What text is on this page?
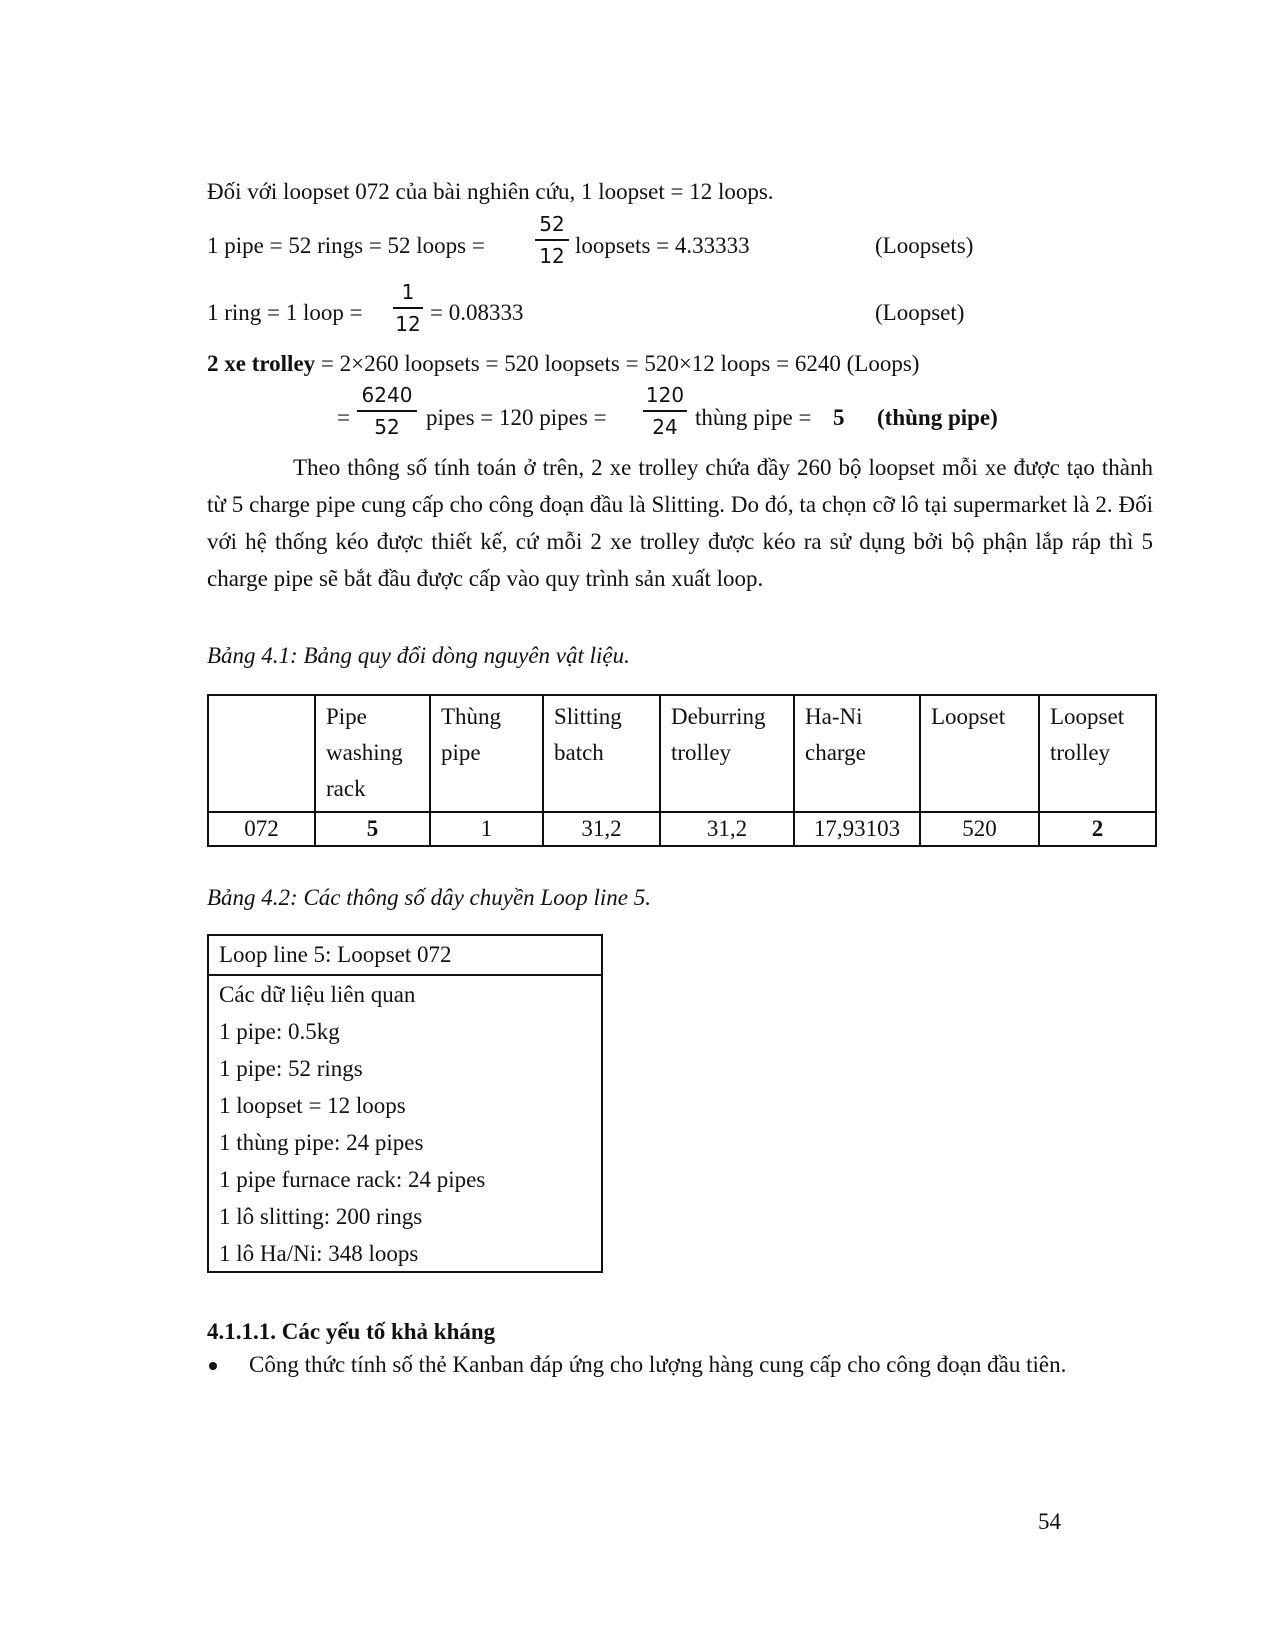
Đối với loopset 072 của bài nghiên cứu, 1 loopset = 12 loops.
1 pipe = 52 rings = 52 loops =
52
12 loopsets = 4.33333	(Loopsets)
1 ring = 1 loop =
1
12 = 0.08333	(Loopset)
2 xe trolley = 2×260 loopsets = 520 loopsets = 520×12 loops = 6240 (Loops)
=
6240
52	pipes = 120 pipes =
120
24 thùng pipe = 5 (thùng pipe)
Theo thông số tính toán ở trên, 2 xe trolley chứa đầy 260 bộ loopset mỗi xe được tạo thành từ 5 charge pipe cung cấp cho công đoạn đầu là Slitting. Do đó, ta chọn cỡ lô tại supermarket là 2. Đối với hệ thống kéo được thiết kế, cứ mỗi 2 xe trolley được kéo ra sử dụng bởi bộ phận lắp ráp thì 5 charge pipe sẽ bắt đầu được cấp vào quy trình sản xuất loop.
Bảng 4.1: Bảng quy đổi dòng nguyên vật liệu.

	Pipe washing rack	Thùng pipe	Slitting batch	Deburring trolley	Ha-Ni charge	Loopset	Loopset trolley

072	5	1	31,2	31,2	17,93103	520	2
Bảng 4.2: Các thông số dây chuyền Loop line 5.
Loop line 5: Loopset 072
Các dữ liệu liên quan
1 pipe: 0.5kg
1 pipe: 52 rings
1 loopset = 12 loops
1 thùng pipe: 24 pipes
1 pipe furnace rack: 24 pipes
1 lô slitting: 200 rings
1 lô Ha/Ni: 348 loops
4.1.1.1. Các yếu tố khả kháng
Công thức tính số thẻ Kanban đáp ứng cho lượng hàng cung cấp cho công đoạn đầu tiên.
54
